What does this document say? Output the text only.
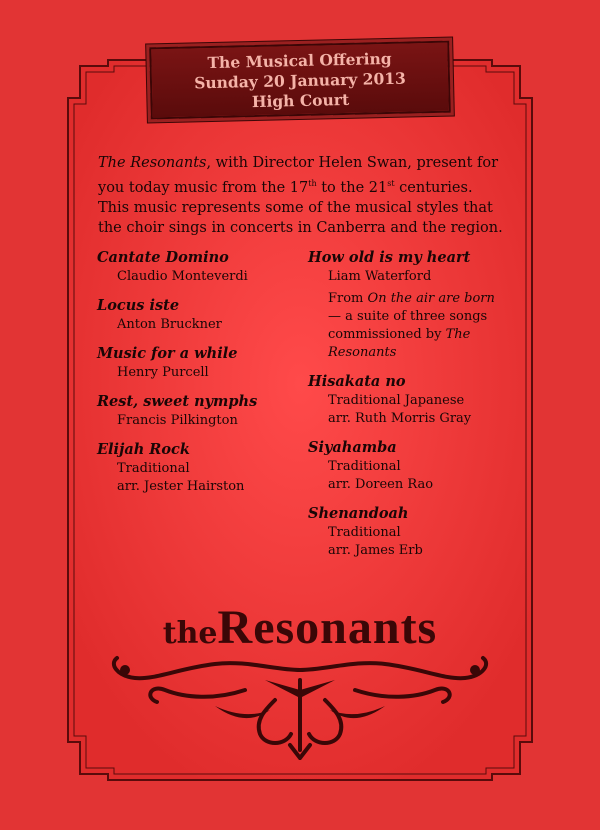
The Musical Offering
Sunday 20 January 2013
High Court

The Resonants, with Director Helen Swan, present for you today music from the 17th to the 21st centuries. This music represents some of the musical styles that the choir sings in concerts in Canberra and the region.

Cantate Domino
Claudio Monteverdi
Locus iste
Anton Bruckner
Music for a while
Henry Purcell
Rest, sweet nymphs
Francis Pilkington
Elijah Rock
Traditional
arr. Jester Hairston
How old is my heart
Liam Waterford
From On the air are born — a suite of three songs commissioned by The Resonants
Hisakata no
Traditional Japanese
arr. Ruth Morris Gray
Siyahamba
Traditional
arr. Doreen Rao
Shenandoah
Traditional
arr. James Erb
theResonants
